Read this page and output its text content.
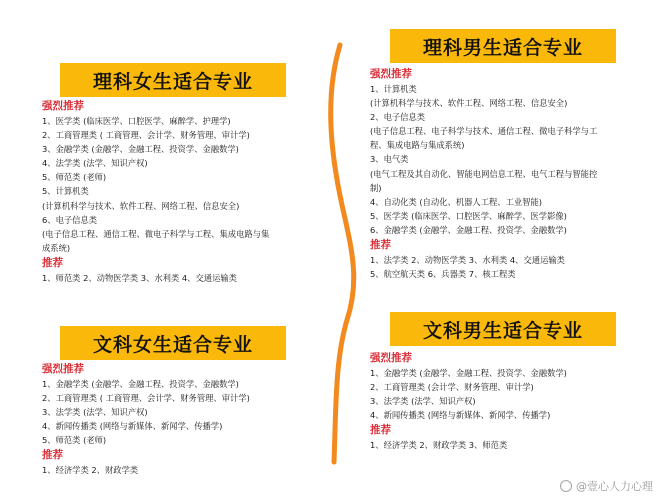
理科女生适合专业
强烈推荐
1、医学类 (临床医学、口腔医学、麻醉学、护理学)
2、工商管理类 ( 工商管理、会计学、财务管理、审计学)
3、金融学类 (金融学、金融工程、投资学、金融数学)
4、法学类 (法学、知识产权)
5、师范类 (老师)
5、计算机类
(计算机科学与技术、软件工程、网络工程、信息安全)
6、电子信息类
(电子信息工程、通信工程、微电子科学与工程、集成电路与集
成系统)
推荐
1、师范类 2、动物医学类 3、水利类 4、交通运输类
文科女生适合专业
强烈推荐
1、金融学类 (金融学、金融工程、投资学、金融数学)
2、工商管理类 ( 工商管理、会计学、财务管理、审计学)
3、法学类 (法学、知识产权)
4、新闻传播类 (网络与新媒体、新闻学、传播学)
5、师范类 (老师)
推荐
1、经济学类 2、财政学类
理科男生适合专业
强烈推荐
1、计算机类
(计算机科学与技术、软件工程、网络工程、信息安全)
2、电子信息类
(电子信息工程、电子科学与技术、通信工程、微电子科学与工
程、集成电路与集成系统)
3、电气类
(电气工程及其自动化、智能电网信息工程、电气工程与智能控
制)
4、自动化类 (自动化、机器人工程、工业智能)
5、医学类 (临床医学、口腔医学、麻醉学、医学影像)
6、金融学类 (金融学、金融工程、投资学、金融数学)
推荐
1、法学类 2、动物医学类 3、水利类 4、交通运输类
5、航空航天类 6、兵器类 7、核工程类
文科男生适合专业
强烈推荐
1、金融学类 (金融学、金融工程、投资学、金融数学)
2、工商管理类 (会计学、财务管理、审计学)
3、法学类 (法学、知识产权)
4、新闻传播类 (网络与新媒体、新闻学、传播学)
推荐
1、经济学类 2、财政学类 3、师范类
@壹心人力心理
